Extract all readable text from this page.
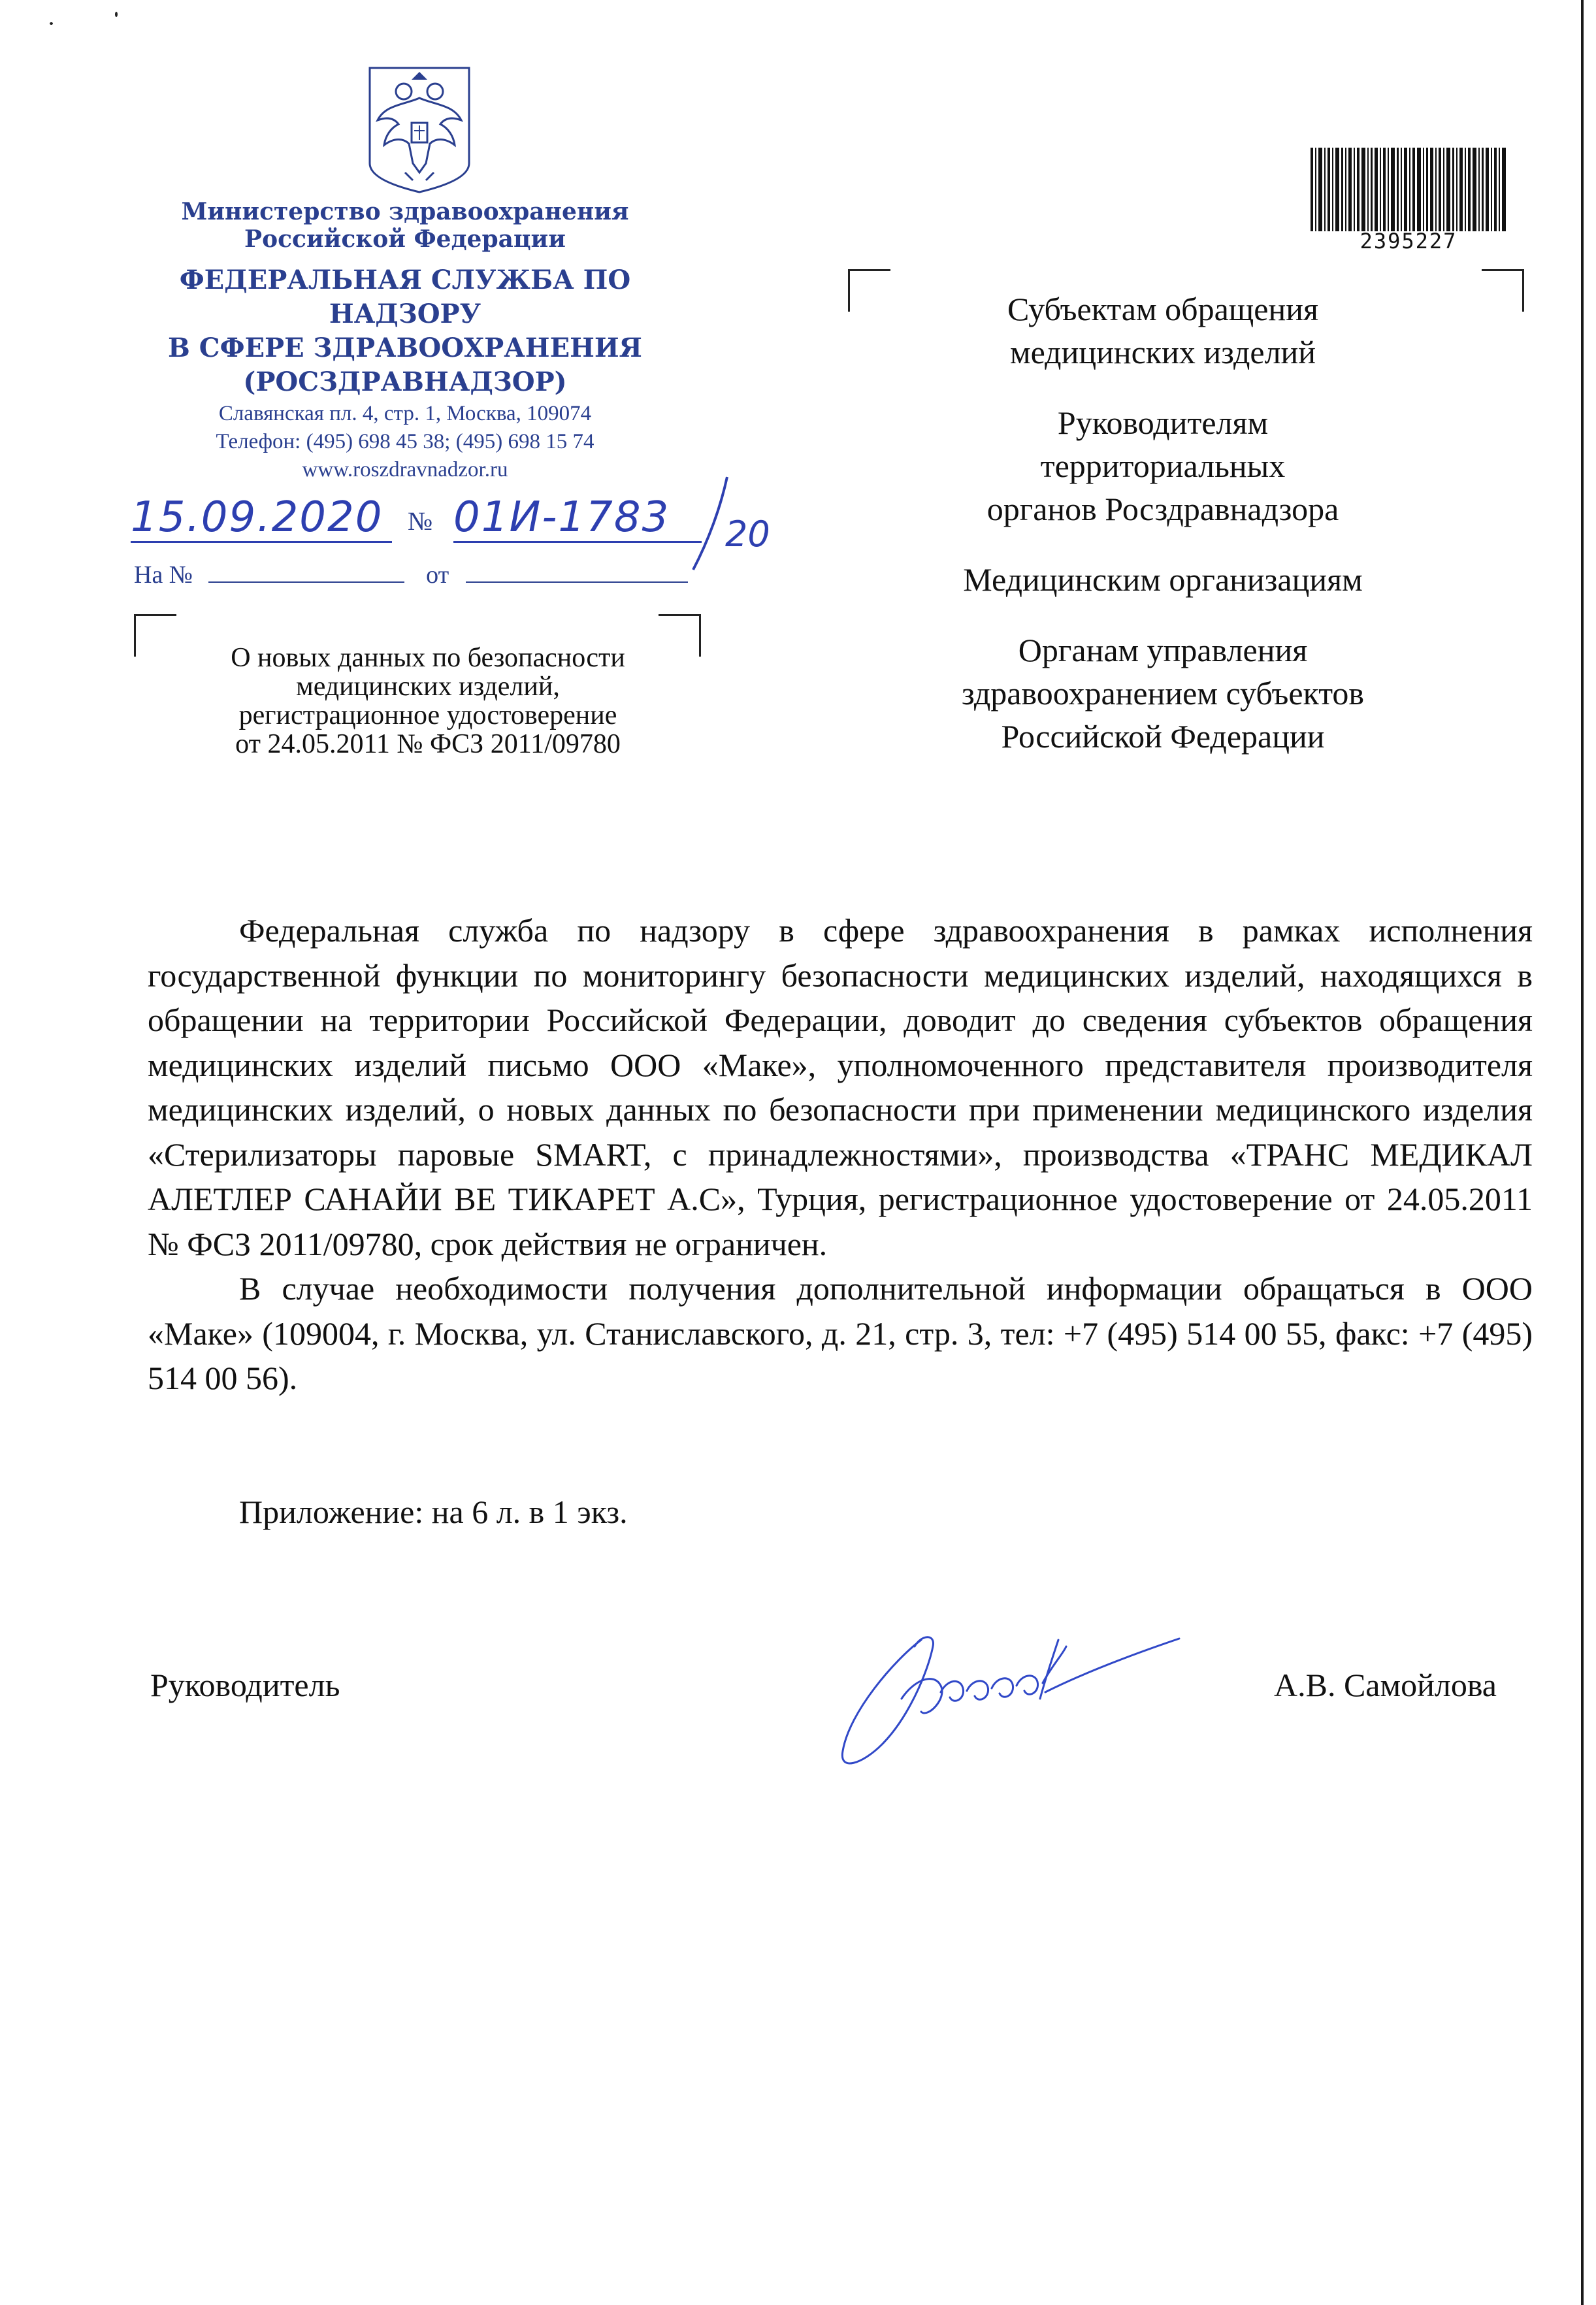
Министерство здравоохранения
Российской Федерации
ФЕДЕРАЛЬНАЯ СЛУЖБА ПО НАДЗОРУ
В СФЕРЕ ЗДРАВООХРАНЕНИЯ
(РОСЗДРАВНАДЗОР)
Славянская пл. 4, стр. 1, Москва, 109074
Телефон: (495) 698 45 38; (495) 698 15 74
www.roszdravnadzor.ru
15.09.2020 № 01И-1783	20
На №	от
О новых данных по безопасности
медицинских изделий,
регистрационное удостоверение
от 24.05.2011 № ФСЗ 2011/09780
2395227
Субъектам обращения
медицинских изделий
Руководителям
территориальных
органов Росздравнадзора
Медицинским организациям
Органам управления
здравоохранением субъектов
Российской Федерации

Федеральная служба по надзору в сфере здравоохранения в рамках исполнения государственной функции по мониторингу безопасности медицинских изделий, находящихся в обращении на территории Российской Федерации, доводит до сведения субъектов обращения медицинских изделий письмо ООО «Маке», уполномоченного представителя производителя медицинских изделий, о новых данных по безопасности при применении медицинского изделия «Стерилизаторы паровые SMART, с принадлежностями», производства «ТРАНС МЕДИКАЛ АЛЕТЛЕР САНАЙИ ВЕ ТИКАРЕТ А.С», Турция, регистрационное удостоверение от 24.05.2011 № ФСЗ 2011/09780, срок действия не ограничен.

В случае необходимости получения дополнительной информации обращаться в ООО «Маке» (109004, г. Москва, ул. Станиславского, д. 21, стр. 3, тел: +7 (495) 514 00 55, факс: +7 (495) 514 00 56).

Приложение: на 6 л. в 1 экз.
Руководитель	А.В. Самойлова
